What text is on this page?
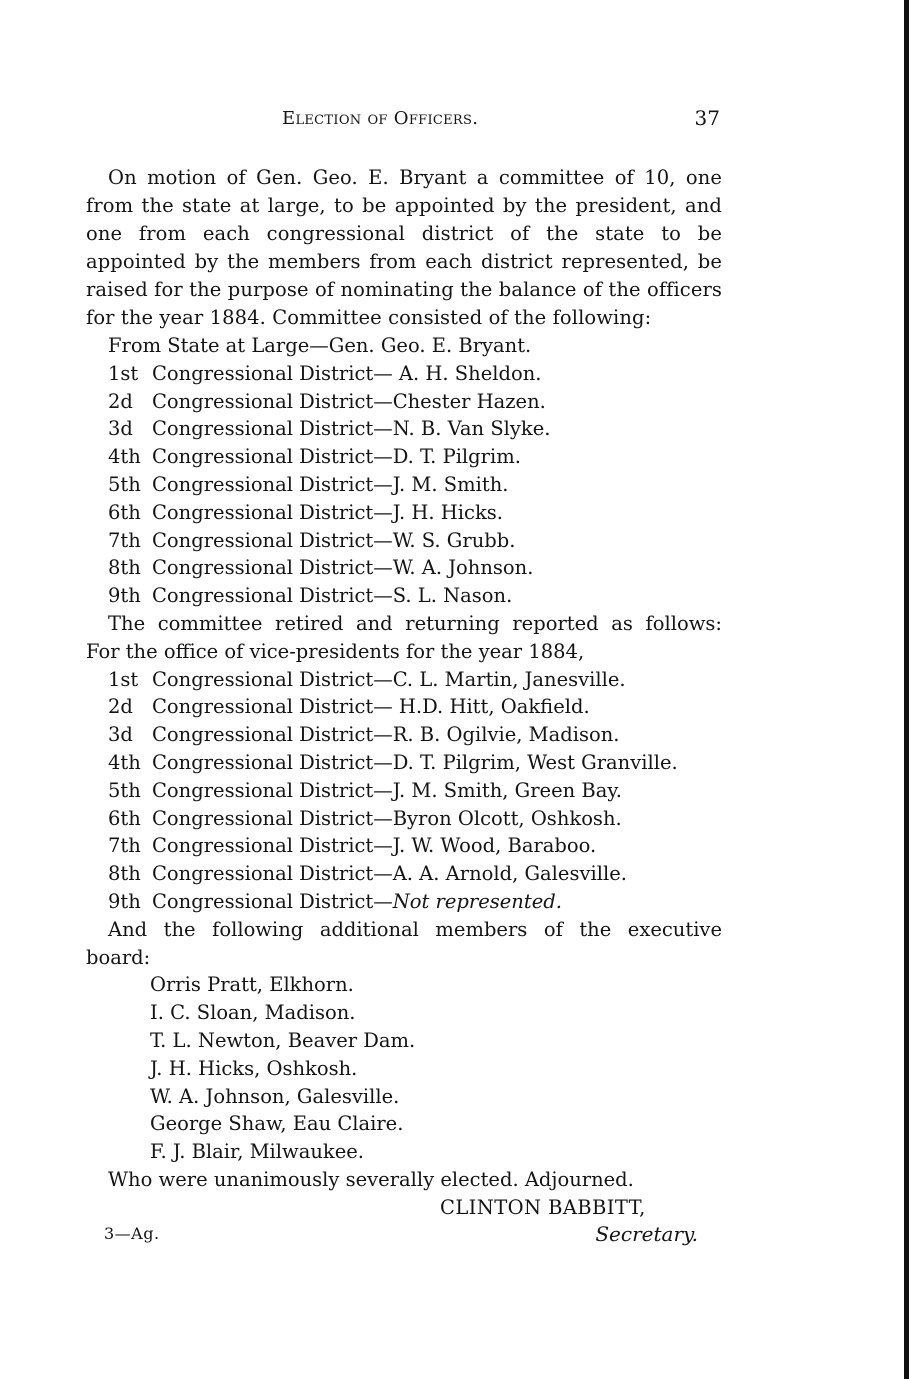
Election of Officers.	37

On motion of Gen. Geo. E. Bryant a committee of 10, one from the state at large, to be appointed by the president, and one from each congressional district of the state to be appointed by the members from each district represented, be raised for the purpose of nominating the balance of the officers for the year 1884. Committee consisted of the following:

From State at Large—Gen. Geo. E. Bryant.

1st Congressional District— A. H. Sheldon.

2d Congressional District—Chester Hazen.

3d Congressional District—N. B. Van Slyke.

4th Congressional District—D. T. Pilgrim.

5th Congressional District—J. M. Smith.

6th Congressional District—J. H. Hicks.

7th Congressional District—W. S. Grubb.

8th Congressional District—W. A. Johnson.

9th Congressional District—S. L. Nason.

The committee retired and returning reported as follows:

For the office of vice-presidents for the year 1884,

1st Congressional District—C. L. Martin, Janesville.

2d Congressional District— H.D. Hitt, Oakfield.

3d Congressional District—R. B. Ogilvie, Madison.

4th Congressional District—D. T. Pilgrim, West Granville.

5th Congressional District—J. M. Smith, Green Bay.

6th Congressional District—Byron Olcott, Oshkosh.

7th Congressional District—J. W. Wood, Baraboo.

8th Congressional District—A. A. Arnold, Galesville.

9th Congressional District—Not represented.

And the following additional members of the executive

board:

Orris Pratt, Elkhorn.

I. C. Sloan, Madison.

T. L. Newton, Beaver Dam.

J. H. Hicks, Oshkosh.

W. A. Johnson, Galesville.

George Shaw, Eau Claire.

F. J. Blair, Milwaukee.

Who were unanimously severally elected. Adjourned.

CLINTON BABBITT,

3—Ag.	Secretary.
